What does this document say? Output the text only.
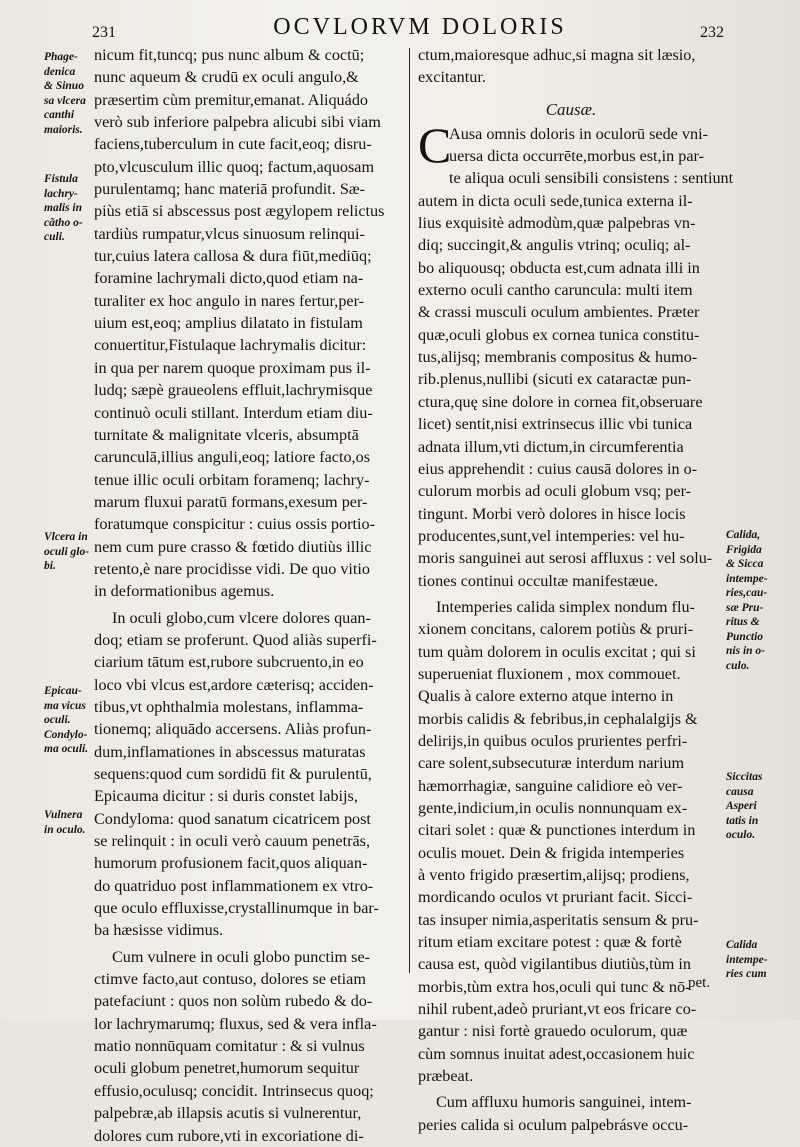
231	OCVLORVM DOLORIS	232
nicum fit,tuncq; pus nunc album & coctū;
nunc aqueum & crudū ex oculi angulo,&
præsertim cùm premitur,emanat. Aliquádo
verò sub inferiore palpebra alicubi sibi viam
faciens,tuberculum in cute facit,eoq; disru-
pto,vlcusculum illic quoq; factum,aquosam
purulentamq; hanc materiā profundit. Sæ-
piùs etiā si abscessus post ægylopem relictus
tardiùs rumpatur,vlcus sinuosum relinqui-
tur,cuius latera callosa & dura fiūt,mediūq;
foramine lachrymali dicto,quod etiam na-
turaliter ex hoc angulo in nares fertur,per-
uium est,eoq; amplius dilatato in fistulam
conuertitur,Fistulaque lachrymalis dicitur:
in qua per narem quoque proximam pus il-
ludq; sæpè graueolens effluit,lachrymisque
continuò oculi stillant. Interdum etiam diu-
turnitate & malignitate vlceris, absumptā
carunculā,illius anguli,eoq; latiore facto,os
tenue illic oculi orbitam foramenq; lachry-
marum fluxui paratū formans,exesum per-
foratumque conspicitur : cuius ossis portio-
nem cum pure crasso & fœtido diutiùs illic
retento,è nare procidisse vidi. De quo vitio
in deformationibus agemus.
In oculi globo,cum vlcere dolores quan-
doq; etiam se proferunt. Quod aliàs superfi-
ciarium tātum est,rubore subcruento,in eo
loco vbi vlcus est,ardore cæterisq; acciden-
tibus,vt ophthalmia molestans, inflamma-
tionemq; aliquādo accersens. Aliàs profun-
dum,inflamationes in abscessus maturatas
sequens:quod cum sordidū fit & purulentū,
Epicauma dicitur : si duris constet labijs,
Condyloma: quod sanatum cicatricem post
se relinquit : in oculi verò cauum penetrās,
humorum profusionem facit,quos aliquan-
do quatriduo post inflammationem ex vtro-
que oculo effluxisse,crystallinumque in bar-
ba hæsisse vidimus.
Cum vulnere in oculi globo punctim se-
ctimve facto,aut contuso, dolores se etiam
patefaciunt : quos non solùm rubedo & do-
lor lachrymarumq; fluxus, sed & vera infla-
matio nonnūquam comitatur : & si vulnus
oculi globum penetret,humorum sequitur
effusio,oculusq; concidit. Intrinsecus quoq;
palpebræ,ab illapsis acutis si vulnerentur,
dolores cum rubore,vti in excoriatione di-
ctum,maioresque adhuc,si magna sit læsio,
excitantur.
Causæ.
C
Ausa omnis doloris in oculorū sede vni-
uersa dicta occurrēte,morbus est,in par-
te aliqua oculi sensibili consistens : sentiunt
autem in dicta oculi sede,tunica externa il-
lius exquisitè admodùm,quæ palpebras vn-
diq; succingit,& angulis vtrinq; oculiq; al-
bo aliquousq; obducta est,cum adnata illi in
externo oculi cantho caruncula: multi item
& crassi musculi oculum ambientes. Præter
quæ,oculi globus ex cornea tunica constitu-
tus,alijsq; membranis compositus & humo-
rib.plenus,nullibi (sicuti ex cataractæ pun-
ctura,quę sine dolore in cornea fit,obseruare
licet) sentit,nisi extrinsecus illic vbi tunica
adnata illum,vti dictum,in circumferentia
eius apprehendit : cuius causā dolores in o-
culorum morbis ad oculi globum vsq; per-
tingunt. Morbi verò dolores in hisce locis
producentes,sunt,vel intemperies: vel hu-
moris sanguinei aut serosi affluxus : vel solu-
tiones continui occultæ manifestæue.
Intemperies calida simplex nondum flu-
xionem concitans, calorem potiùs & pruri-
tum quàm dolorem in oculis excitat ; qui si
superueniat fluxionem , mox commouet.
Qualis à calore externo atque interno in
morbis calidis & febribus,in cephalalgijs &
delirijs,in quibus oculos prurientes perfri-
care solent,subsecuturæ interdum narium
hæmorrhagiæ, sanguine calidiore eò ver-
gente,indicium,in oculis nonnunquam ex-
citari solet : quæ & punctiones interdum in
oculis mouet. Dein & frigida intemperies
à vento frigido præsertim,alijsq; prodiens,
mordicando oculos vt pruriant facit. Sicci-
tas insuper nimia,asperitatis sensum & pru-
ritum etiam excitare potest : quæ & fortè
causa est, quòd vigilantibus diutiùs,tùm in
morbis,tùm extra hos,oculi qui tunc & nō-
nihil rubent,adeò pruriant,vt eos fricare co-
gantur : nisi fortè grauedo oculorum, quæ
cùm somnus inuitat adest,occasionem huic
præbeat.
Cum affluxu humoris sanguinei, intem-
peries calida si oculum palpebrásve occu-
Phage-
denica
& Sinuo
sa vlcera
canthi
maioris.
Fistula
lachry-
malis in
cãtho o-
culi.
Vlcera in
oculi glo-
bi.
Epicau-
ma vicus
oculi.
Condylo-
ma oculi.
Vulnera
in oculo.
Calida,
Frigida
& Sicca
intempe-
ries,cau-
sæ Pru-
ritus &
Punctio
nis in o-
culo.
Siccitas
causa
Asperi
tatis in
oculo.
Calida
intempe-
ries cum
pet.
